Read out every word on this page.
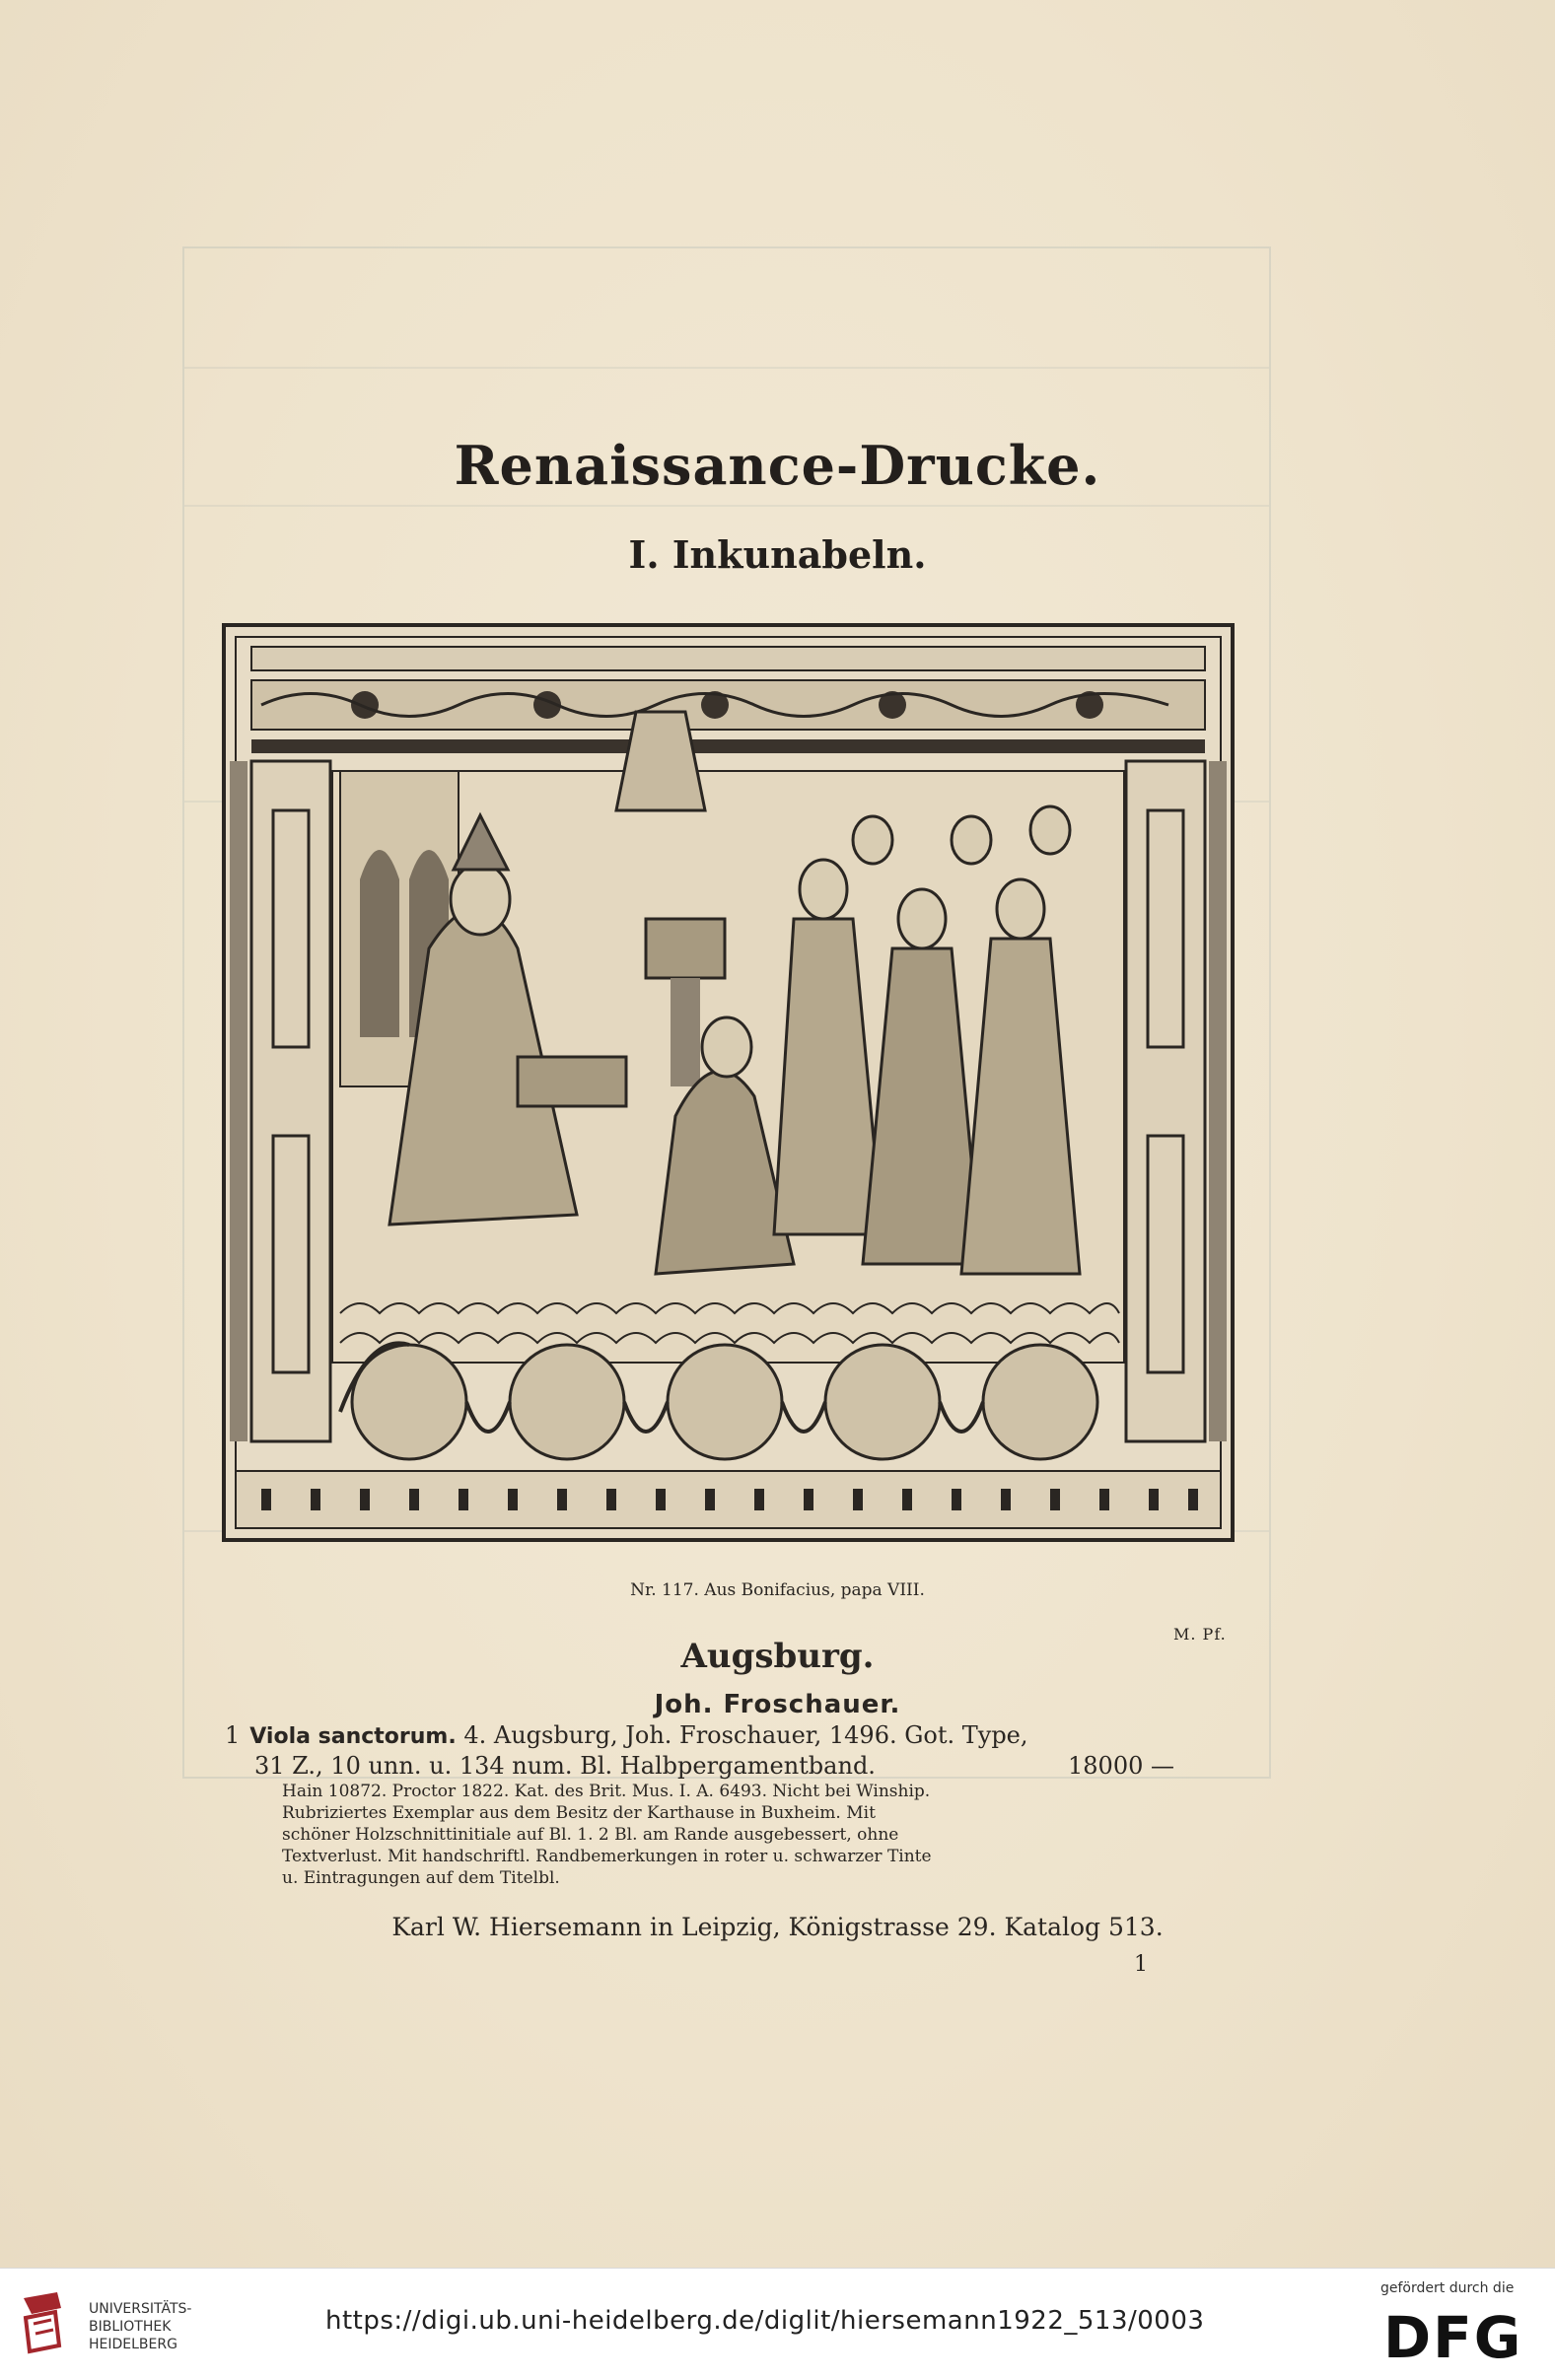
Renaissance-Drucke.
I. Inkunabeln.
Nr. 117. Aus Bonifacius, papa VIII.
M. Pf.
Augsburg.
Joh. Froschauer.
1 Viola sanctorum. 4. Augsburg, Joh. Froschauer, 1496. Got. Type,
31 Z., 10 unn. u. 134 num. Bl. Halbpergamentband.	18000 —
Hain 10872. Proctor 1822. Kat. des Brit. Mus. I. A. 6493. Nicht bei Winship.
Rubriziertes Exemplar aus dem Besitz der Karthause in Buxheim. Mit
schöner Holzschnittinitiale auf Bl. 1. 2 Bl. am Rande ausgebessert, ohne
Textverlust. Mit handschriftl. Randbemerkungen in roter u. schwarzer Tinte
u. Eintragungen auf dem Titelbl.
Karl W. Hiersemann in Leipzig, Königstrasse 29. Katalog 513.
1
UNIVERSITÄTS-
BIBLIOTHEK
HEIDELBERG
https://digi.ub.uni-heidelberg.de/diglit/hiersemann1922_513/0003
gefördert durch die
DFG
